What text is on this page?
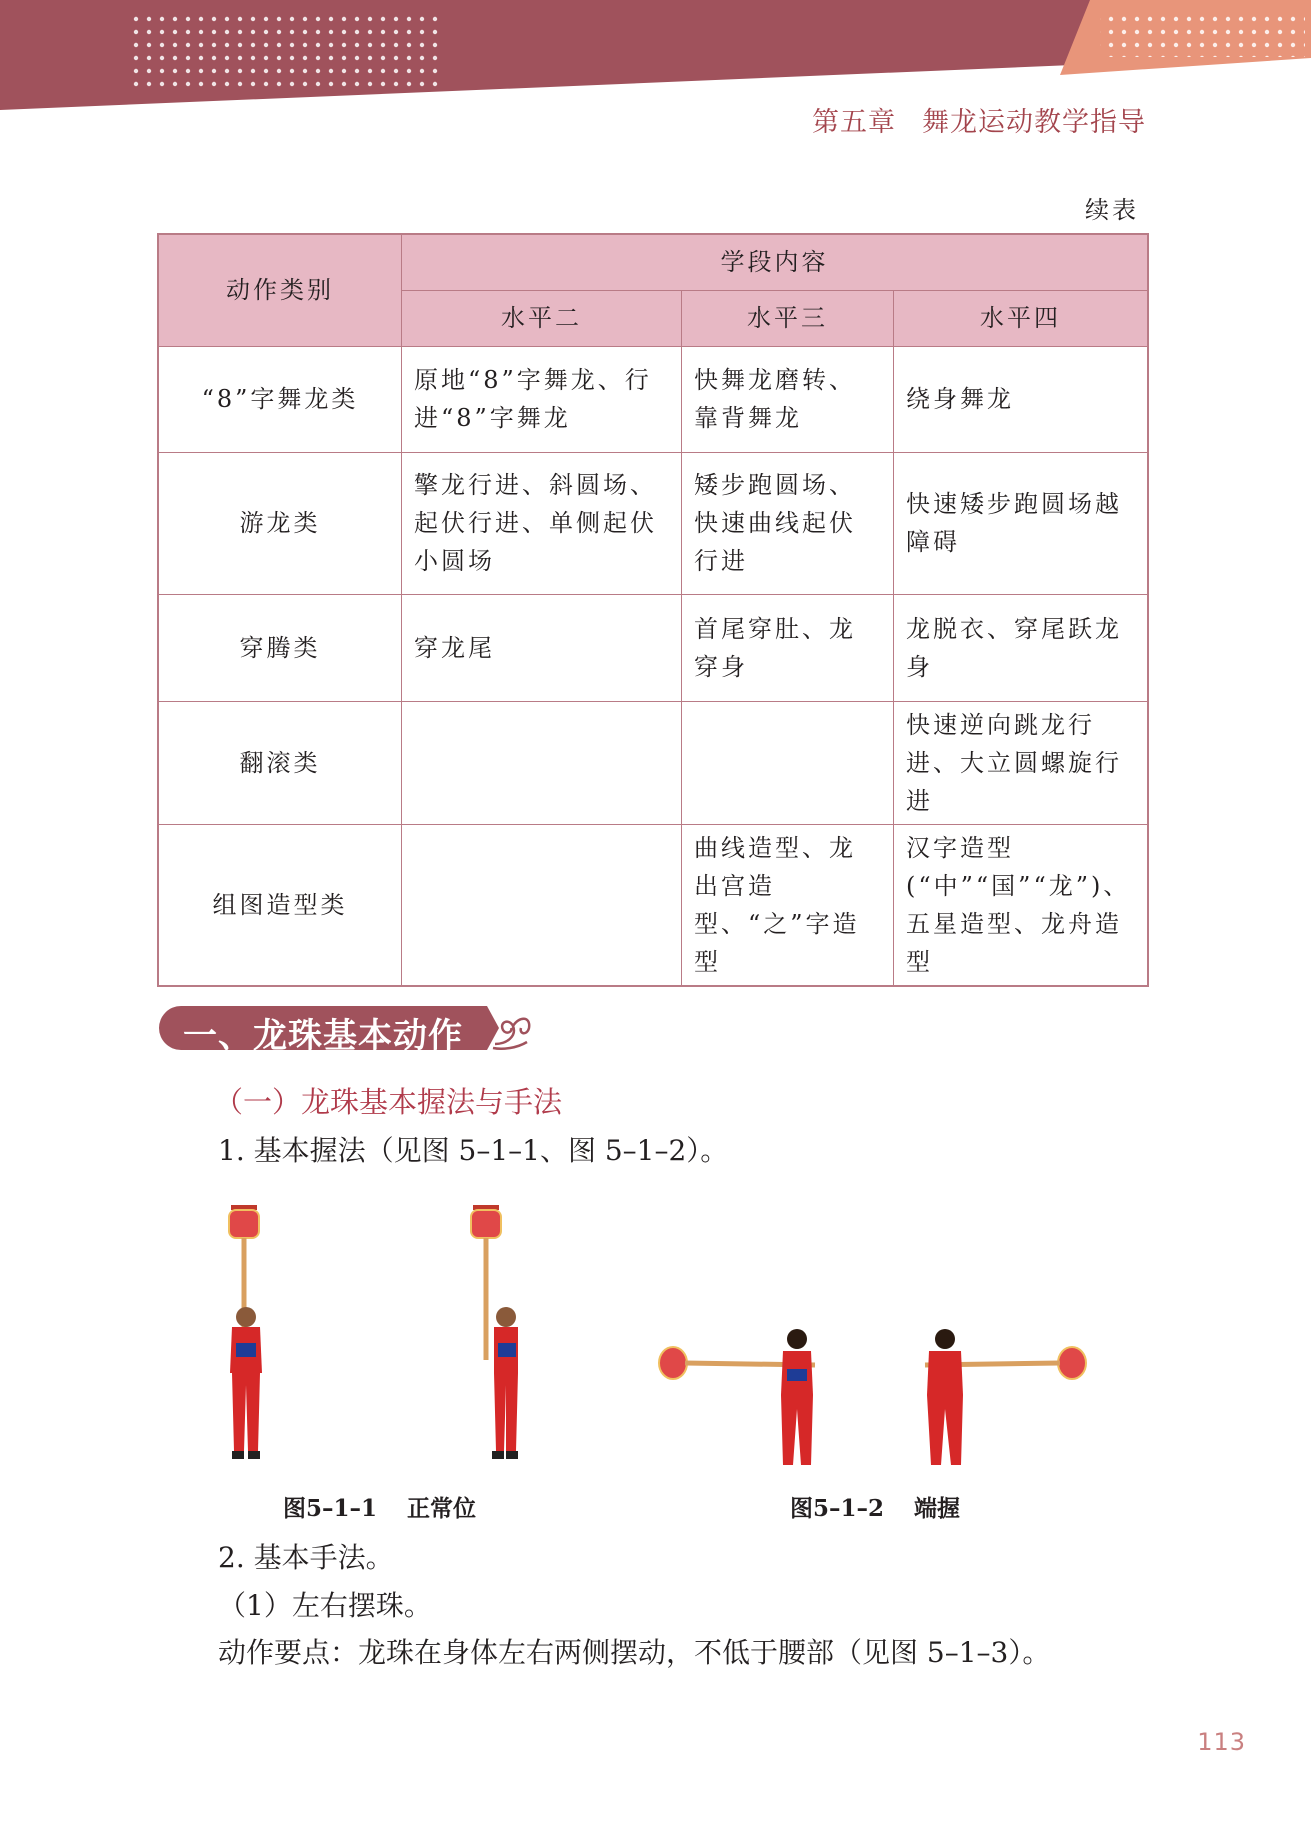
第五章 舞龙运动教学指导
续表
动作类别	学段内容		
	水平二	水平三	水平四
“8”字舞龙类	原地“8”字舞龙、行进“8”字舞龙	快舞龙磨转、靠背舞龙	绕身舞龙
游龙类	擎龙行进、斜圆场、起伏行进、单侧起伏小圆场	矮步跑圆场、快速曲线起伏行进	快速矮步跑圆场越障碍
穿腾类	穿龙尾	首尾穿肚、龙穿身	龙脱衣、穿尾跃龙身
翻滚类			快速逆向跳龙行进、大立圆螺旋行进
组图造型类		曲线造型、龙出宫造型、“之”字造型	汉字造型(“中”“国”“龙”)、五星造型、龙舟造型
一、龙珠基本动作
（一）龙珠基本握法与手法
1. 基本握法（见图 5–1–1、图 5–1–2）。
图5–1–1 正常位	图5–1–2 端握
2. 基本手法。
（1）左右摆珠。
动作要点：龙珠在身体左右两侧摆动，不低于腰部（见图 5–1–3）。
113
